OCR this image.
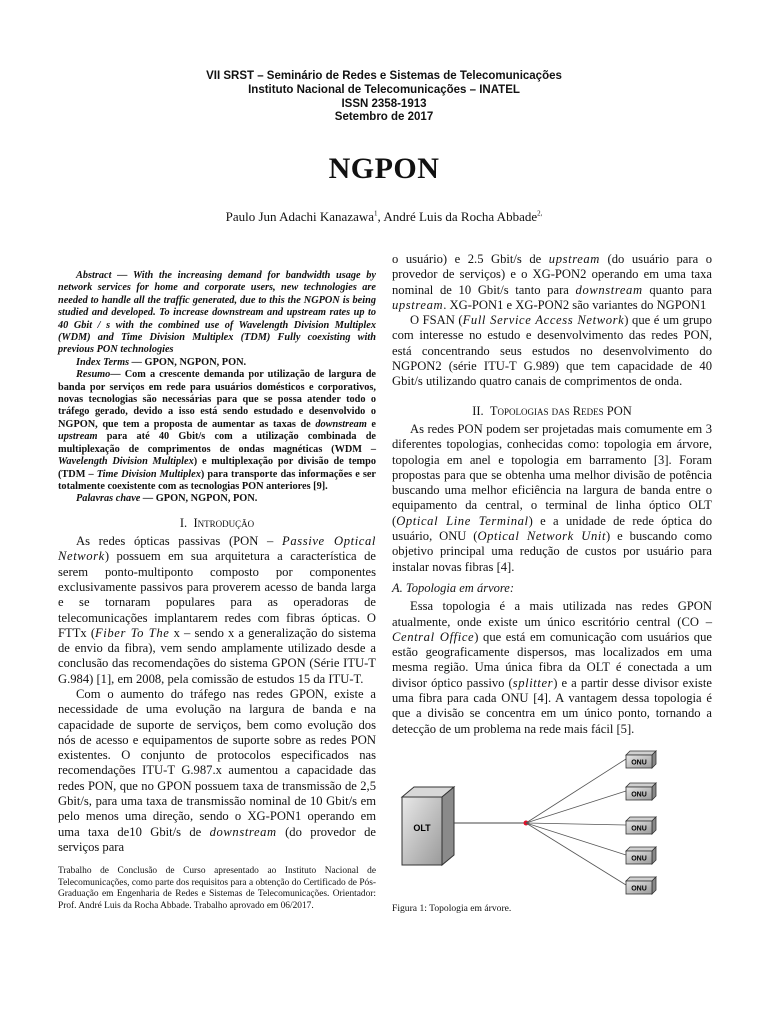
VII SRST – Seminário de Redes e Sistemas de Telecomunicações
Instituto Nacional de Telecomunicações – INATEL
ISSN 2358-1913
Setembro de 2017
NGPON
Paulo Jun Adachi Kanazawa$^1$, André Luis da Rocha Abbade$^{2,}$

Abstract — With the increasing demand for bandwidth usage by network services for home and corporate users, new technologies are needed to handle all the traffic generated, due to this the NGPON is being studied and developed. To increase downstream and upstream rates up to 40 Gbit / s with the combined use of Wavelength Division Multiplex (WDM) and Time Division Multiplex (TDM) Fully coexisting with previous PON technologies

Index Terms — GPON, NGPON, PON.

Resumo— Com a crescente demanda por utilização de largura de banda por serviços em rede para usuários domésticos e corporativos, novas tecnologias são necessárias para que se possa atender todo o tráfego gerado, devido a isso está sendo estudado e desenvolvido o NGPON, que tem a proposta de aumentar as taxas de downstream e upstream para até 40 Gbit/s com a utilização combinada de multiplexação de comprimentos de ondas magnéticas (WDM – Wavelength Division Multiplex) e multiplexação por divisão de tempo (TDM – Time Division Multiplex) para transporte das informações e ser totalmente coexistente com as tecnologias PON anteriores [9].

Palavras chave — GPON, NGPON, PON.

I. Introdução

As redes ópticas passivas (PON – Passive Optical Network) possuem em sua arquitetura a característica de serem ponto-multiponto composto por componentes exclusivamente passivos para proverem acesso de banda larga e se tornaram populares para as operadoras de telecomunicações implantarem redes com fibras ópticas. O FTTx (Fiber To The x – sendo x a generalização do sistema de envio da fibra), vem sendo amplamente utilizado desde a conclusão das recomendações do sistema GPON (Série ITU-T G.984) [1], em 2008, pela comissão de estudos 15 da ITU-T.

Com o aumento do tráfego nas redes GPON, existe a necessidade de uma evolução na largura de banda e na capacidade de suporte de serviços, bem como evolução dos nós de acesso e equipamentos de suporte sobre as redes PON existentes. O conjunto de protocolos especificados nas recomendações ITU-T G.987.x aumentou a capacidade das redes PON, que no GPON possuem taxa de transmissão de 2,5 Gbit/s, para uma taxa de transmissão nominal de 10 Gbit/s em pelo menos uma direção, sendo o XG-PON1 operando em uma taxa de10 Gbit/s de downstream (do provedor de serviços para

Trabalho de Conclusão de Curso apresentado ao Instituto Nacional de Telecomunicações, como parte dos requisitos para a obtenção do Certificado de Pós-Graduação em Engenharia de Redes e Sistemas de Telecomunicações. Orientador: Prof. André Luis da Rocha Abbade. Trabalho aprovado em 06/2017.

o usuário) e 2.5 Gbit/s de upstream (do usuário para o provedor de serviços) e o XG-PON2 operando em uma taxa nominal de 10 Gbit/s tanto para downstream quanto para upstream. XG-PON1 e XG-PON2 são variantes do NGPON1

O FSAN (Full Service Access Network) que é um grupo com interesse no estudo e desenvolvimento das redes PON, está concentrando seus estudos no desenvolvimento do NGPON2 (série ITU-T G.989) que tem capacidade de 40 Gbit/s utilizando quatro canais de comprimentos de onda.

II. Topologias das Redes PON

As redes PON podem ser projetadas mais comumente em 3 diferentes topologias, conhecidas como: topologia em árvore, topologia em anel e topologia em barramento [3]. Foram propostas para que se obtenha uma melhor divisão de potência buscando uma melhor eficiência na largura de banda entre o equipamento da central, o terminal de linha óptico OLT (Optical Line Terminal) e a unidade de rede óptica do usuário, ONU (Optical Network Unit) e buscando como objetivo principal uma redução de custos por usuário para instalar novas fibras [4].

A. Topologia em árvore:

Essa topologia é a mais utilizada nas redes GPON atualmente, onde existe um único escritório central (CO – Central Office) que está em comunicação com usuários que estão geograficamente dispersos, mas localizados em uma mesma região. Uma única fibra da OLT é conectada a um divisor óptico passivo (splitter) e a partir desse divisor existe uma fibra para cada ONU [4]. A vantagem dessa topologia é que a divisão se concentra em um único ponto, tornando a detecção de um problema na rede mais fácil [5].

OLT
ONU
ONU
ONU
ONU
ONU
Figura 1: Topologia em árvore.
